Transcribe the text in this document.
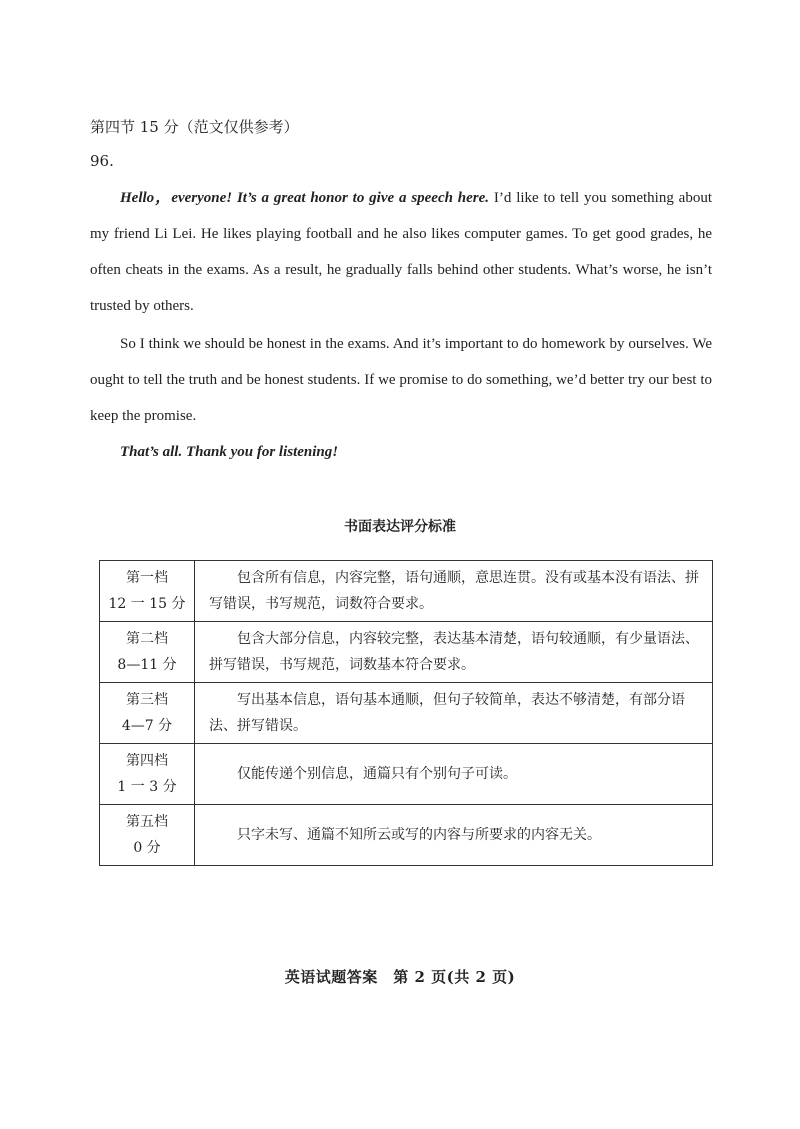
第四节 15 分（范文仅供参考）
96.
Hello，everyone! It’s a great honor to give a speech here. I’d like to tell you something about my friend Li Lei. He likes playing football and he also likes computer games. To get good grades, he often cheats in the exams. As a result, he gradually falls behind other students. What’s worse, he isn’t trusted by others.
So I think we should be honest in the exams. And it’s important to do homework by ourselves. We ought to tell the truth and be honest students. If we promise to do something, we’d better try our best to keep the promise.
That’s all. Thank you for listening!
书面表达评分标准
第一档
12 一 15 分	包含所有信息，内容完整，语句通顺，意思连贯。没有或基本没有语法、拼写错误，书写规范，词数符合要求。

第二档
8—11 分	包含大部分信息，内容较完整，表达基本清楚，语句较通顺，有少量语法、拼写错误，书写规范，词数基本符合要求。

第三档
4—7 分	写出基本信息，语句基本通顺，但句子较简单，表达不够清楚，有部分语法、拼写错误。

第四档
1 一 3 分	仅能传递个别信息，通篇只有个别句子可读。

第五档
0 分	只字未写、通篇不知所云或写的内容与所要求的内容无关。
英语试题答案　第 2 页(共 2 页)
